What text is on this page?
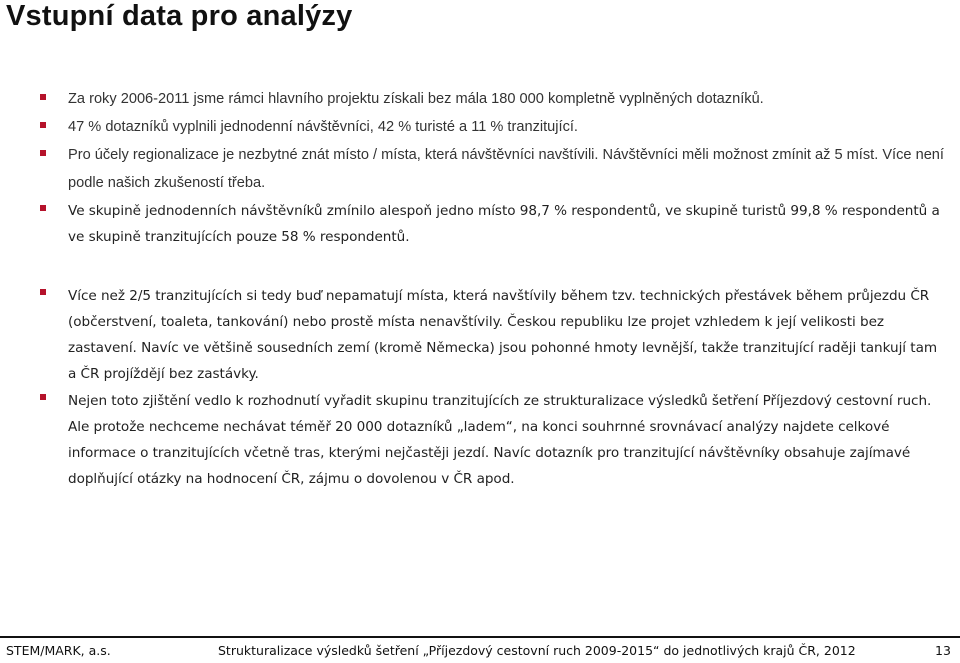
Vstupní data pro analýzy

Za roky 2006-2011 jsme rámci hlavního projektu získali bez mála 180 000 kompletně vyplněných dotazníků.

47 % dotazníků vyplnili jednodenní návštěvníci, 42 % turisté a 11 % tranzitující.

Pro účely regionalizace je nezbytné znát místo / místa, která návštěvníci navštívili. Návštěvníci měli možnost zmínit až 5 míst. Více není podle našich zkušeností třeba.

Ve skupině jednodenních návštěvníků zmínilo alespoň jedno místo 98,7 % respondentů, ve skupině turistů 99,8 % respondentů a ve skupině tranzitujících pouze 58 % respondentů.

Více než 2/5 tranzitujících si tedy buď nepamatují místa, která navštívily během tzv. technických přestávek během průjezdu ČR (občerstvení, toaleta, tankování) nebo prostě místa nenavštívily. Českou republiku lze projet vzhledem k její velikosti bez zastavení. Navíc ve většině sousedních zemí (kromě Německa) jsou pohonné hmoty levnější, takže tranzitující raději tankují tam a ČR projíždějí bez zastávky.

Nejen toto zjištění vedlo k rozhodnutí vyřadit skupinu tranzitujících ze strukturalizace výsledků šetření Příjezdový cestovní ruch. Ale protože nechceme nechávat téměř 20 000 dotazníků „ladem“, na konci souhrnné srovnávací analýzy najdete celkové informace o tranzitujících včetně tras, kterými nejčastěji jezdí. Navíc dotazník pro tranzitující návštěvníky obsahuje zajímavé doplňující otázky na hodnocení ČR, zájmu o dovolenou v ČR apod.

STEM/MARK, a.s.	Strukturalizace výsledků šetření „Příjezdový cestovní ruch 2009-2015“ do jednotlivých krajů ČR, 2012	13
